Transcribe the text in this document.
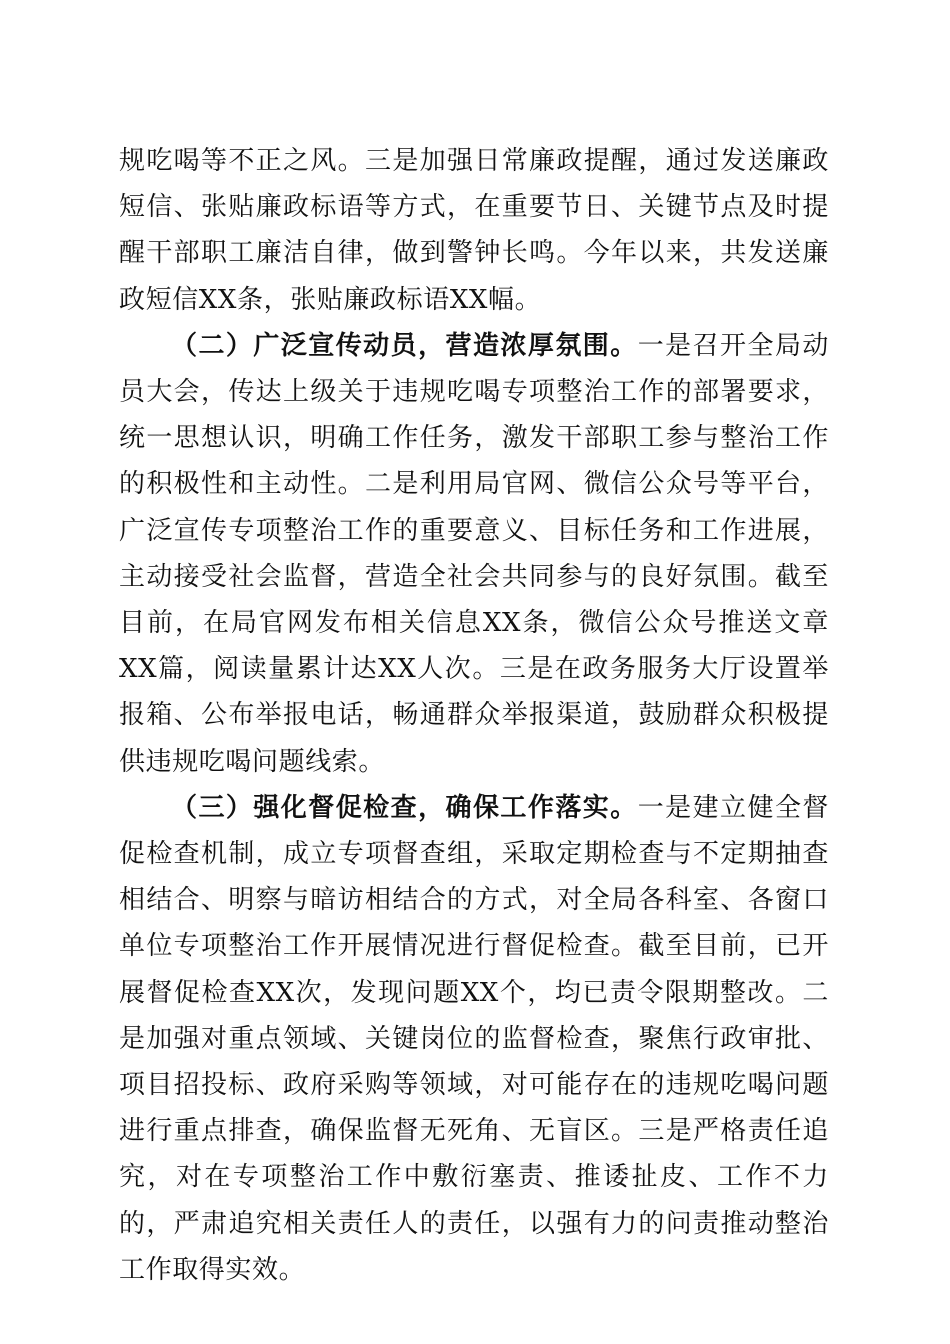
规吃喝等不正之风。三是加强日常廉政提醒，通过发送廉政短信、张贴廉政标语等方式，在重要节日、关键节点及时提醒干部职工廉洁自律，做到警钟长鸣。今年以来，共发送廉政短信XX条，张贴廉政标语XX幅。

（二）广泛宣传动员，营造浓厚氛围。一是召开全局动员大会，传达上级关于违规吃喝专项整治工作的部署要求，统一思想认识，明确工作任务，激发干部职工参与整治工作的积极性和主动性。二是利用局官网、微信公众号等平台，广泛宣传专项整治工作的重要意义、目标任务和工作进展，主动接受社会监督，营造全社会共同参与的良好氛围。截至目前，在局官网发布相关信息XX条，微信公众号推送文章XX篇，阅读量累计达XX人次。三是在政务服务大厅设置举报箱、公布举报电话，畅通群众举报渠道，鼓励群众积极提供违规吃喝问题线索。

（三）强化督促检查，确保工作落实。一是建立健全督促检查机制，成立专项督查组，采取定期检查与不定期抽查相结合、明察与暗访相结合的方式，对全局各科室、各窗口单位专项整治工作开展情况进行督促检查。截至目前，已开展督促检查XX次，发现问题XX个，均已责令限期整改。二是加强对重点领域、关键岗位的监督检查，聚焦行政审批、项目招投标、政府采购等领域，对可能存在的违规吃喝问题进行重点排查，确保监督无死角、无盲区。三是严格责任追究，对在专项整治工作中敷衍塞责、推诿扯皮、工作不力的，严肃追究相关责任人的责任，以强有力的问责推动整治工作取得实效。
